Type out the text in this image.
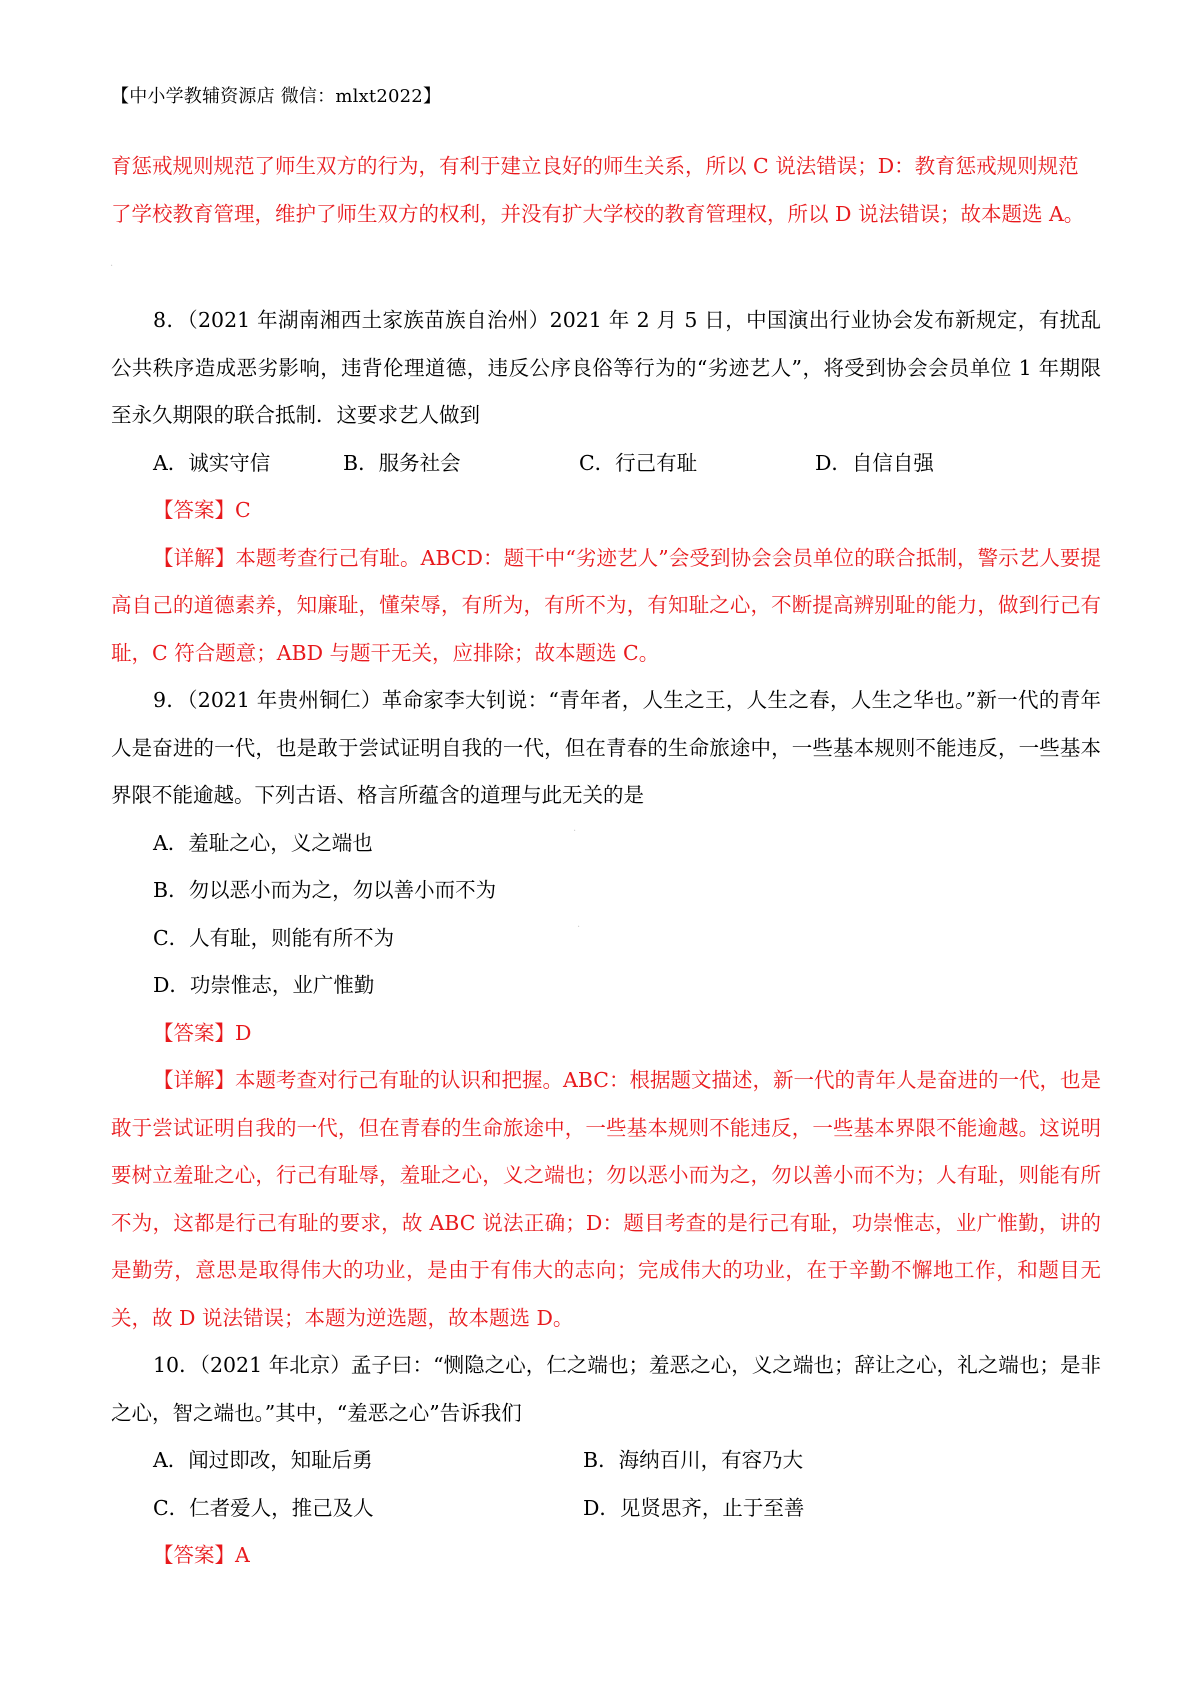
【中小学教辅资源店 微信：mlxt2022】

育惩戒规则规范了师生双方的行为，有利于建立良好的师生关系，所以 C 说法错误；D：教育惩戒规则规范

了学校教育管理，维护了师生双方的权利，并没有扩大学校的教育管理权，所以 D 说法错误；故本题选 A。

8．（2021 年湖南湘西土家族苗族自治州）2021 年 2 月 5 日，中国演出行业协会发布新规定，有扰乱公共秩序造成恶劣影响，违背伦理道德，违反公序良俗等行为的“劣迹艺人”，将受到协会会员单位 1 年期限至永久期限的联合抵制．这要求艺人做到

A．诚实守信	B．服务社会	C．行己有耻	D．自信自强

【答案】C

【详解】本题考查行己有耻。ABCD：题干中“劣迹艺人”会受到协会会员单位的联合抵制，警示艺人要提高自己的道德素养，知廉耻，懂荣辱，有所为，有所不为，有知耻之心，不断提高辨别耻的能力，做到行己有耻，C 符合题意；ABD 与题干无关，应排除；故本题选 C。

9．（2021 年贵州铜仁）革命家李大钊说：“青年者，人生之王，人生之春，人生之华也。”新一代的青年人是奋进的一代，也是敢于尝试证明自我的一代，但在青春的生命旅途中，一些基本规则不能违反，一些基本界限不能逾越。下列古语、格言所蕴含的道理与此无关的是

A．羞耻之心，义之端也

B．勿以恶小而为之，勿以善小而不为

C．人有耻，则能有所不为

D．功崇惟志，业广惟勤

【答案】D

【详解】本题考查对行己有耻的认识和把握。ABC：根据题文描述，新一代的青年人是奋进的一代，也是敢于尝试证明自我的一代，但在青春的生命旅途中，一些基本规则不能违反，一些基本界限不能逾越。这说明要树立羞耻之心，行己有耻辱，羞耻之心，义之端也；勿以恶小而为之，勿以善小而不为；人有耻，则能有所不为，这都是行己有耻的要求，故 ABC 说法正确；D：题目考查的是行己有耻，功崇惟志，业广惟勤，讲的是勤劳，意思是取得伟大的功业，是由于有伟大的志向；完成伟大的功业，在于辛勤不懈地工作，和题目无关，故 D 说法错误；本题为逆选题，故本题选 D。

10．（2021 年北京）孟子曰：“恻隐之心，仁之端也；羞恶之心，义之端也；辞让之心，礼之端也；是非之心，智之端也。”其中，“羞恶之心”告诉我们

A．闻过即改，知耻后勇	B．海纳百川，有容乃大
C．仁者爱人，推己及人	D．见贤思齐，止于至善

【答案】A

·
·
·
